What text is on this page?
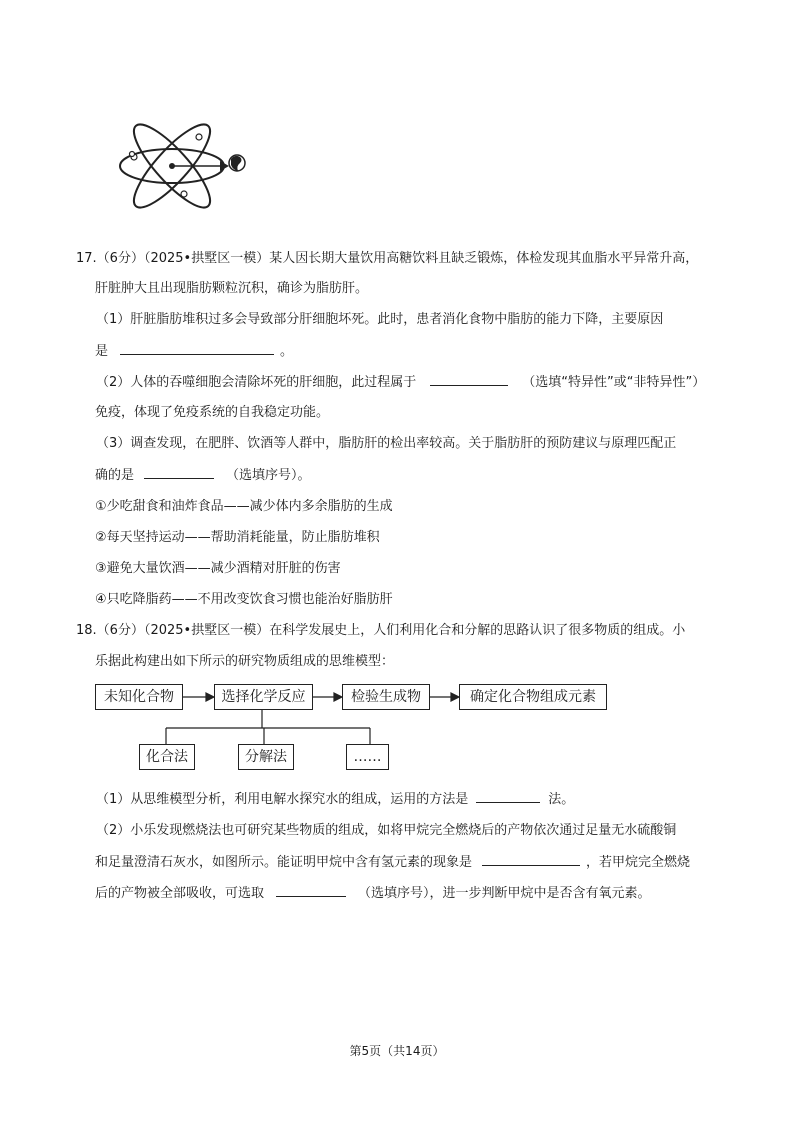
17.（6分）（2025•拱墅区一模）某人因长期大量饮用高糖饮料且缺乏锻炼，体检发现其血脂水平异常升高，
肝脏肿大且出现脂肪颗粒沉积，确诊为脂肪肝。
（1）肝脏脂肪堆积过多会导致部分肝细胞坏死。此时，患者消化食物中脂肪的能力下降，主要原因
是	。
（2）人体的吞噬细胞会清除坏死的肝细胞，此过程属于	（选填“特异性”或“非特异性”）
免疫，体现了免疫系统的自我稳定功能。
（3）调查发现，在肥胖、饮酒等人群中，脂肪肝的检出率较高。关于脂肪肝的预防建议与原理匹配正
确的是	（选填序号）。
①少吃甜食和油炸食品——减少体内多余脂肪的生成
②每天坚持运动——帮助消耗能量，防止脂肪堆积
③避免大量饮酒——减少酒精对肝脏的伤害
④只吃降脂药——不用改变饮食习惯也能治好脂肪肝
18.（6分）（2025•拱墅区一模）在科学发展史上，人们利用化合和分解的思路认识了很多物质的组成。小
乐据此构建出如下所示的研究物质组成的思维模型：
未知化合物	选择化学反应	检验生成物	确定化合物组成元素
化合法	分解法	……
（1）从思维模型分析，利用电解水探究水的组成，运用的方法是	法。
（2）小乐发现燃烧法也可研究某些物质的组成，如将甲烷完全燃烧后的产物依次通过足量无水硫酸铜
和足量澄清石灰水，如图所示。能证明甲烷中含有氢元素的现象是	，若甲烷完全燃烧
后的产物被全部吸收，可选取	（选填序号），进一步判断甲烷中是否含有氧元素。
第5页（共14页）
